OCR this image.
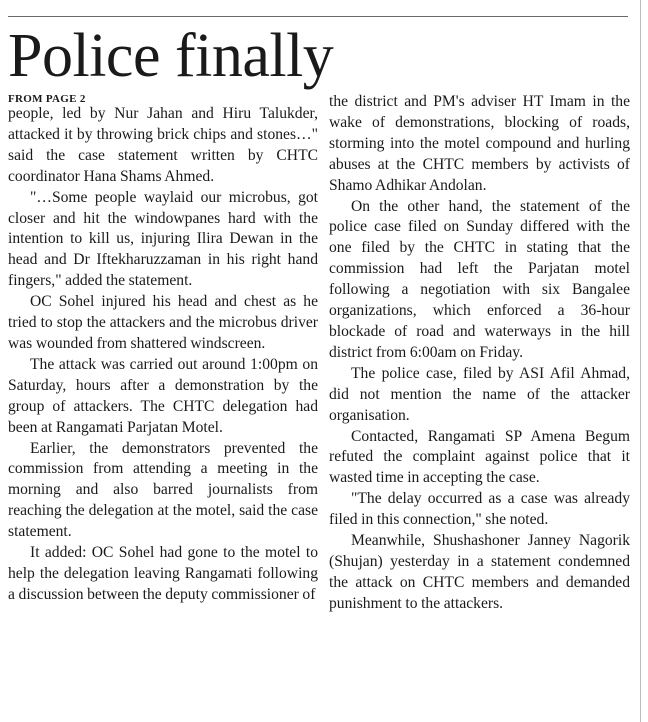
Police finally
FROM PAGE 2

people, led by Nur Jahan and Hiru Talukder, attacked it by throwing brick chips and stones…" said the case statement written by CHTC coordinator Hana Shams Ahmed.

"…Some people waylaid our microbus, got closer and hit the windowpanes hard with the intention to kill us, injuring Ilira Dewan in the head and Dr Iftekharuzzaman in his right hand fingers," added the statement.

OC Sohel injured his head and chest as he tried to stop the attackers and the microbus driver was wounded from shattered windscreen.

The attack was carried out around 1:00pm on Saturday, hours after a demonstration by the group of attackers. The CHTC delegation had been at Rangamati Parjatan Motel.

Earlier, the demonstrators prevented the commission from attending a meeting in the morning and also barred journalists from reaching the delegation at the motel, said the case statement.

It added: OC Sohel had gone to the motel to help the delegation leaving Rangamati following a discussion between the deputy commissioner of

the district and PM's adviser HT Imam in the wake of demonstrations, blocking of roads, storming into the motel compound and hurling abuses at the CHTC members by activists of Shamo Adhikar Andolan.

On the other hand, the statement of the police case filed on Sunday differed with the one filed by the CHTC in stating that the commission had left the Parjatan motel following a negotiation with six Bangalee organizations, which enforced a 36-hour blockade of road and waterways in the hill district from 6:00am on Friday.

The police case, filed by ASI Afil Ahmad, did not mention the name of the attacker organisation.

Contacted, Rangamati SP Amena Begum refuted the complaint against police that it wasted time in accepting the case.

"The delay occurred as a case was already filed in this connection," she noted.

Meanwhile, Shushashoner Janney Nagorik (Shujan) yesterday in a statement condemned the attack on CHTC members and demanded punishment to the attackers.
